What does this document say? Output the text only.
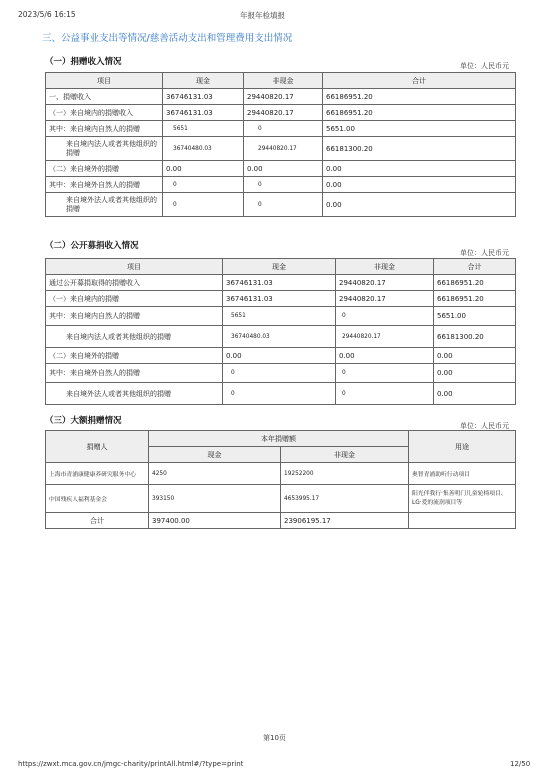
2023/5/6 16:15	年报年检填报
三、公益事业支出等情况/慈善活动支出和管理费用支出情况
（一）捐赠收入情况	单位：人民币元
项目	现金	非现金	合计
一、捐赠收入	36746131.03	29440820.17	66186951.20
（一）来自境内的捐赠收入	36746131.03	29440820.17	66186951.20
其中：来自境内自然人的捐赠	5651	0	5651.00
来自境内法人或者其他组织的捐赠	36740480.03	29440820.17	66181300.20
（二）来自境外的捐赠	0.00	0.00	0.00
其中：来自境外自然人的捐赠	0	0	0.00
来自境外法人或者其他组织的捐赠	0	0	0.00
（二）公开募捐收入情况
单位：人民币元
项目	现金	非现金	合计
通过公开募捐取得的捐赠收入	36746131.03	29440820.17	66186951.20
（一）来自境内的捐赠	36746131.03	29440820.17	66186951.20
其中：来自境内自然人的捐赠	5651	0	5651.00
来自境内法人或者其他组织的捐赠	36740480.03	29440820.17	66181300.20
（二）来自境外的捐赠	0.00	0.00	0.00
其中：来自境外自然人的捐赠	0	0	0.00
来自境外法人或者其他组织的捐赠	0	0	0.00
（三）大额捐赠情况	单位：人民币元
捐赠人	本年捐赠额		用途
	现金	非现金	
上海市青浦康健康养研究服务中心	4250	19252200	奥智青浦助听行动项目
中国残疾人福利基金会	393150	4653995.17	阳光伴我行·集善明门儿童轮椅项目、LG·爱的流润项目等
合计	397400.00	23906195.17	
第10页
https://zwxt.mca.gov.cn/jmgc-charity/printAll.html#/?type=print	12/50
